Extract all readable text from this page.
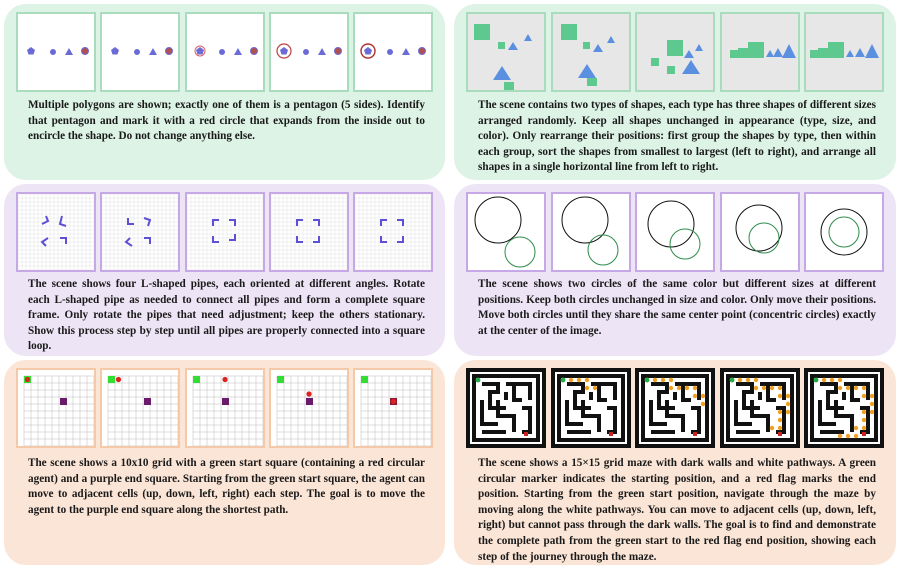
Multiple polygons are shown; exactly one of them is a pentagon (5 sides). Identify that pentagon and mark it with a red circle that expands from the inside out to encircle the shape. Do not change anything else.
The scene contains two types of shapes, each type has three shapes of different sizes arranged randomly. Keep all shapes unchanged in appearance (type, size, and color). Only rearrange their positions: first group the shapes by type, then within each group, sort the shapes from smallest to largest (left to right), and arrange all shapes in a single horizontal line from left to right.
The scene shows four L-shaped pipes, each oriented at different angles. Rotate each L-shaped pipe as needed to connect all pipes and form a complete square frame. Only rotate the pipes that need adjustment; keep the others stationary. Show this process step by step until all pipes are properly connected into a square loop.
The scene shows two circles of the same color but different sizes at different positions. Keep both circles unchanged in size and color. Only move their positions. Move both circles until they share the same center point (concentric circles) exactly at the center of the image.
The scene shows a 10x10 grid with a green start square (containing a red circular agent) and a purple end square. Starting from the green start square, the agent can move to adjacent cells (up, down, left, right) each step. The goal is to move the agent to the purple end square along the shortest path.
The scene shows a 15×15 grid maze with dark walls and white pathways. A green circular marker indicates the starting position, and a red flag marks the end position. Starting from the green start position, navigate through the maze by moving along the white pathways. You can move to adjacent cells (up, down, left, right) but cannot pass through the dark walls. The goal is to find and demonstrate the complete path from the green start to the red flag end position, showing each step of the journey through the maze.
